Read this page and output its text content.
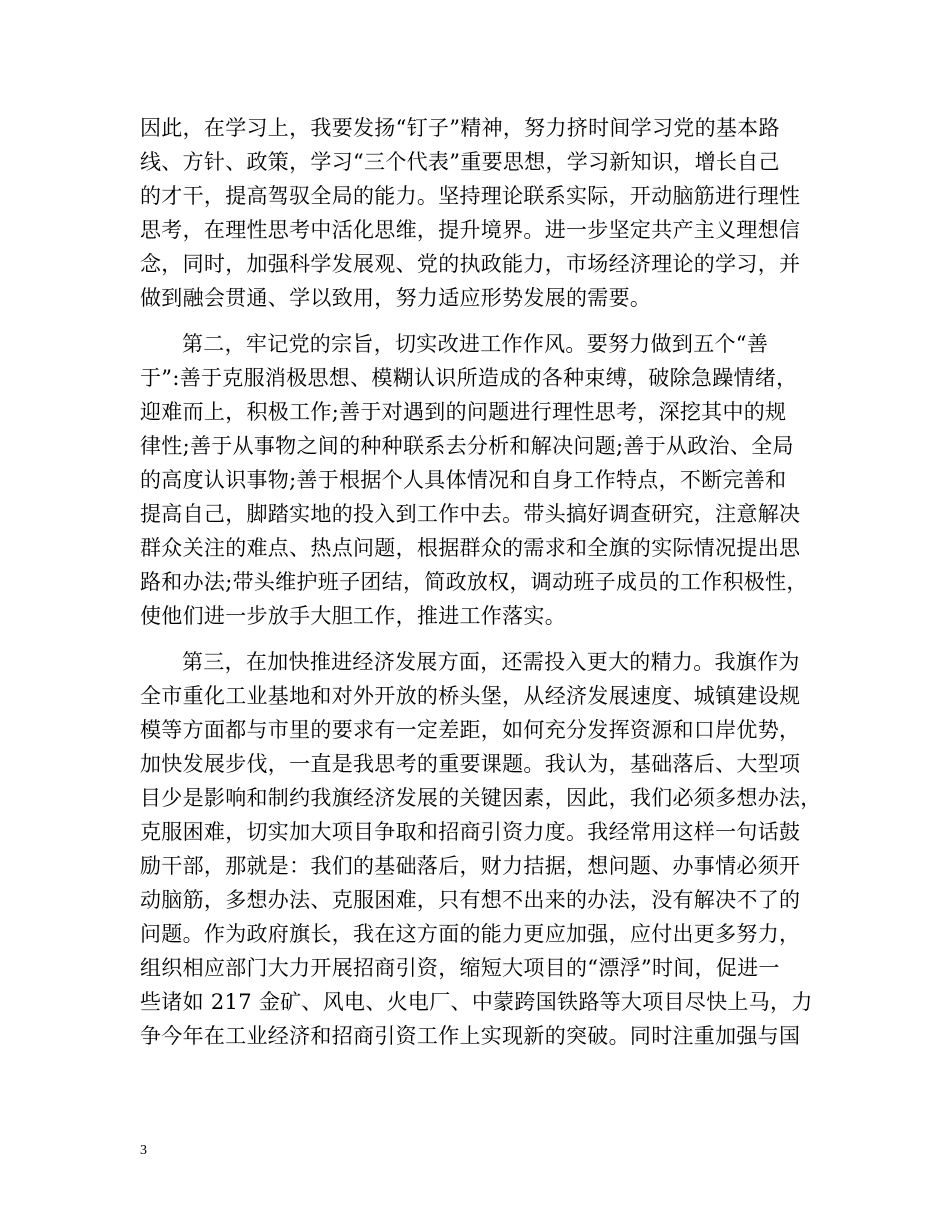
因此，在学习上，我要发扬“钉子”精神，努力挤时间学习党的基本路
线、方针、政策，学习“三个代表”重要思想，学习新知识，增长自己
的才干，提高驾驭全局的能力。坚持理论联系实际，开动脑筋进行理性
思考，在理性思考中活化思维，提升境界。进一步坚定共产主义理想信
念，同时，加强科学发展观、党的执政能力，市场经济理论的学习，并
做到融会贯通、学以致用，努力适应形势发展的需要。
第二，牢记党的宗旨，切实改进工作作风。要努力做到五个“善
于”:善于克服消极思想、模糊认识所造成的各种束缚，破除急躁情绪，
迎难而上，积极工作;善于对遇到的问题进行理性思考，深挖其中的规
律性;善于从事物之间的种种联系去分析和解决问题;善于从政治、全局
的高度认识事物;善于根据个人具体情况和自身工作特点，不断完善和
提高自己，脚踏实地的投入到工作中去。带头搞好调查研究，注意解决
群众关注的难点、热点问题，根据群众的需求和全旗的实际情况提出思
路和办法;带头维护班子团结，简政放权，调动班子成员的工作积极性，
使他们进一步放手大胆工作，推进工作落实。
第三，在加快推进经济发展方面，还需投入更大的精力。我旗作为
全市重化工业基地和对外开放的桥头堡，从经济发展速度、城镇建设规
模等方面都与市里的要求有一定差距，如何充分发挥资源和口岸优势，
加快发展步伐，一直是我思考的重要课题。我认为，基础落后、大型项
目少是影响和制约我旗经济发展的关键因素，因此，我们必须多想办法，
克服困难，切实加大项目争取和招商引资力度。我经常用这样一句话鼓
励干部，那就是：我们的基础落后，财力拮据，想问题、办事情必须开
动脑筋，多想办法、克服困难，只有想不出来的办法，没有解决不了的
问题。作为政府旗长，我在这方面的能力更应加强，应付出更多努力，
组织相应部门大力开展招商引资，缩短大项目的“漂浮”时间，促进一
些诸如 217 金矿、风电、火电厂、中蒙跨国铁路等大项目尽快上马，力
争今年在工业经济和招商引资工作上实现新的突破。同时注重加强与国
3
